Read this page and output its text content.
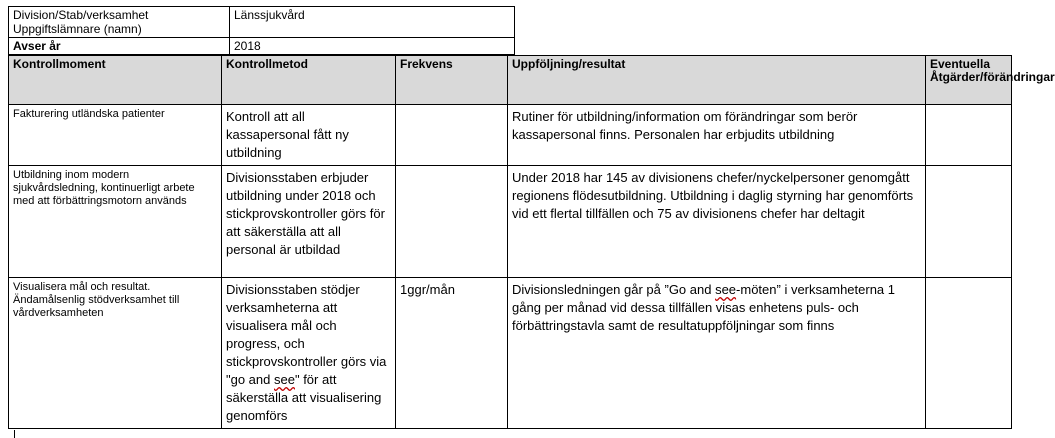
Division/Stab/verksamhet
Uppgiftslämnare (namn)	Länssjukvård
Avser år	2018
Kontrollmoment	Kontrollmetod	Frekvens	Uppföljning/resultat	Eventuella Åtgärder/förändringar
Fakturering utländska patienter	Kontroll att all kassapersonal fått ny utbildning		Rutiner för utbildning/information om förändringar som berör kassapersonal finns. Personalen har erbjudits utbildning	
Utbildning inom modern sjukvårdsledning, kontinuerligt arbete med att förbättringsmotorn används	Divisionsstaben erbjuder utbildning under 2018 och stickprovskontroller görs för att säkerställa att all personal är utbildad		Under 2018 har 145 av divisionens chefer/nyckelpersoner genomgått regionens flödesutbildning. Utbildning i daglig styrning har genomförts vid ett flertal tillfällen och 75 av divisionens chefer har deltagit	
Visualisera mål och resultat. Ändamålsenlig stödverksamhet till vårdverksamheten	Divisionsstaben stödjer verksamheterna att visualisera mål och progress, och stickprovskontroller görs via "go and see" för att säkerställa att visualisering genomförs	1ggr/mån	Divisionsledningen går på ”Go and see-möten” i verksamheterna 1 gång per månad vid dessa tillfällen visas enhetens puls- och förbättringstavla samt de resultatuppföljningar som finns	
